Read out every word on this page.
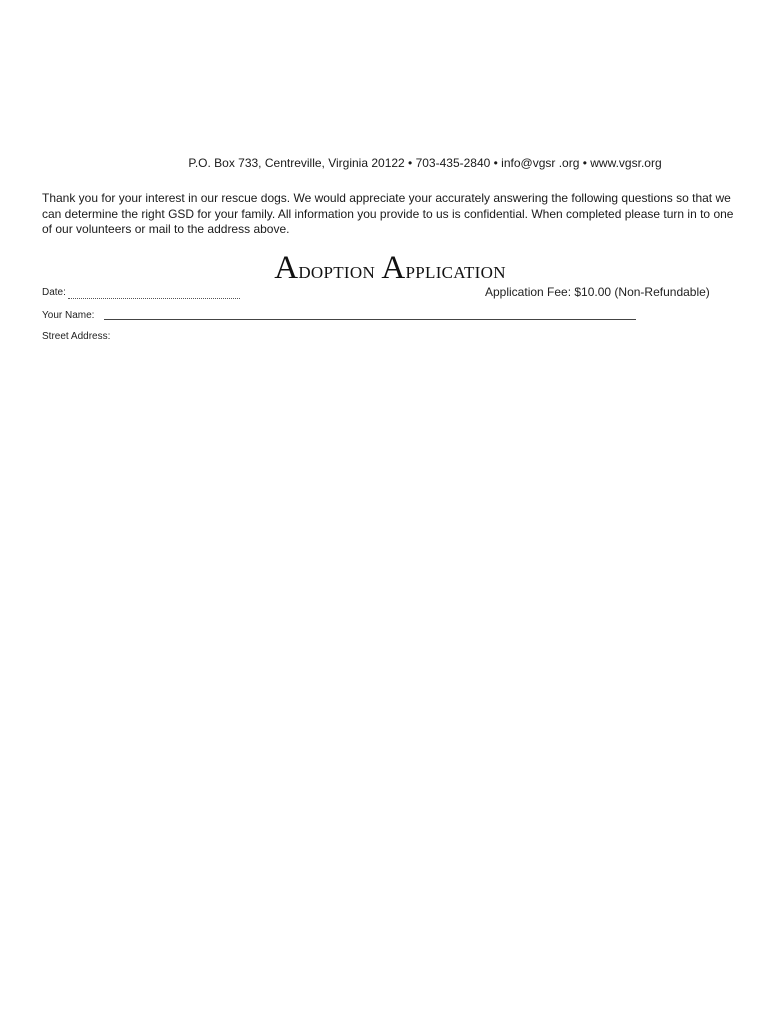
P.O. Box 733, Centreville, Virginia 20122 • 703-435-2840 • info@vgsr .org • www.vgsr.org
Thank you for your interest in our rescue dogs. We would appreciate your accurately answering the following questions so that we
can determine the right GSD for your family. All information you provide to us is confidential. When completed please turn in to one
of our volunteers or mail to the address above.
Adoption Application
Date:	Application Fee: $10.00 (Non-Refundable)
Your Name:
Street Address:
